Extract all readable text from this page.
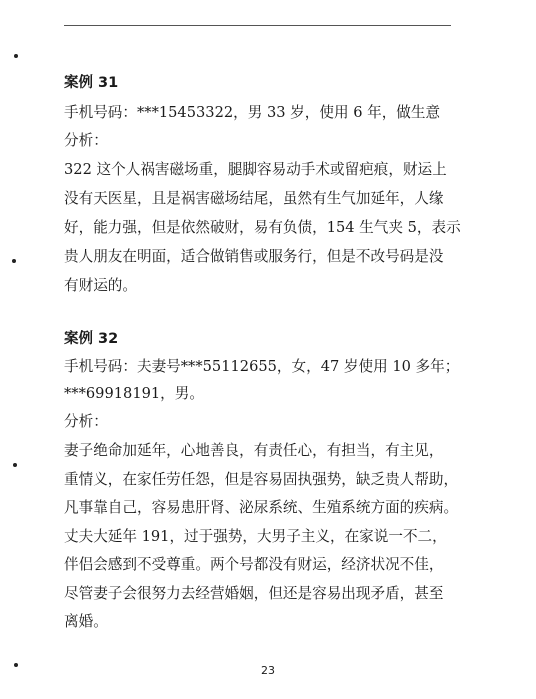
案例 31
手机号码：***15453322，男 33 岁，使用 6 年，做生意
分析：
322 这个人祸害磁场重，腿脚容易动手术或留疤痕，财运上
没有天医星，且是祸害磁场结尾，虽然有生气加延年，人缘
好，能力强，但是依然破财，易有负债，154 生气夹 5，表示
贵人朋友在明面，适合做销售或服务行，但是不改号码是没
有财运的。
案例 32
手机号码：夫妻号***55112655，女，47 岁使用 10 多年；
***69918191，男。
分析：
妻子绝命加延年，心地善良，有责任心，有担当，有主见，
重情义，在家任劳任怨，但是容易固执强势，缺乏贵人帮助，
凡事靠自己，容易患肝肾、泌尿系统、生殖系统方面的疾病。
丈夫大延年 191，过于强势，大男子主义，在家说一不二，
伴侣会感到不受尊重。两个号都没有财运，经济状况不佳，
尽管妻子会很努力去经营婚姻，但还是容易出现矛盾，甚至
离婚。
23
